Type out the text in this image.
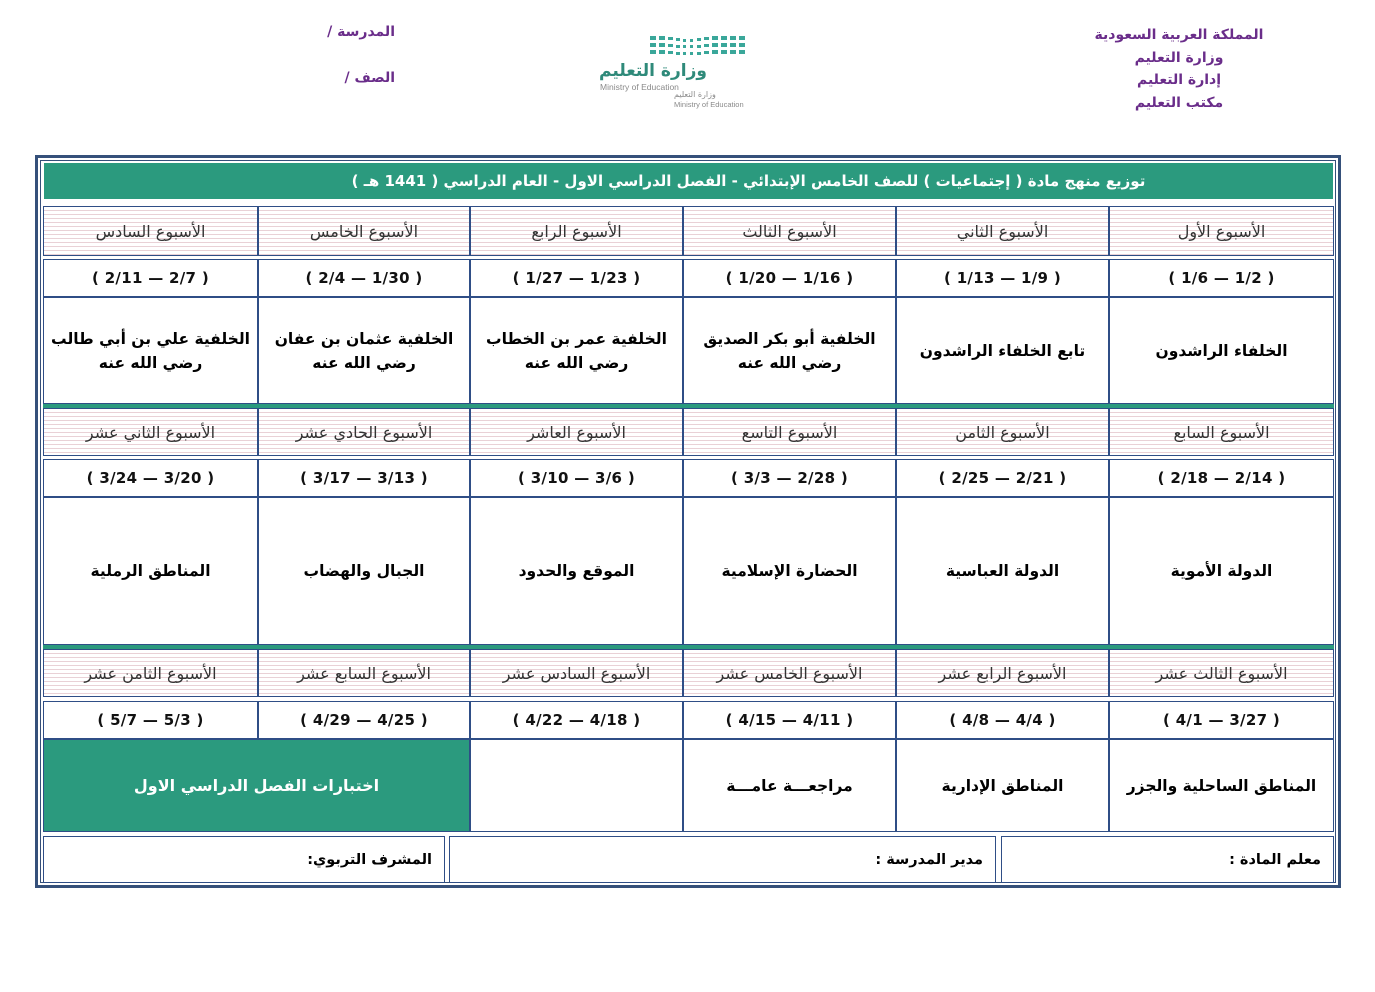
المملكة العربية السعودية
وزارة التعليم
إدارة التعليم
مكتب التعليم
المدرسة /
الصف /	وزارة التعليم
Ministry of Education
وزارة التعليم
Ministry of Education
توزيع منهج مادة ( إجتماعيات ) للصف الخامس الإبتدائي - الفصل الدراسي الاول - العام الدراسي ( 1441 هـ )
الأسبوع الأول
الأسبوع الثاني
الأسبوع الثالث
الأسبوع الرابع
الأسبوع الخامس
الأسبوع السادس
( 1/2 — 1/6 )
( 1/9 — 1/13 )
( 1/16 — 1/20 )
( 1/23 — 1/27 )
( 1/30 — 2/4 )
( 2/7 — 2/11 )
الخلفاء الراشدون
تابع الخلفاء الراشدون
الخلفية أبو بكر الصديق
رضي الله عنه
الخلفية عمر بن الخطاب
رضي الله عنه
الخلفية عثمان بن عفان
رضي الله عنه
الخلفية علي بن أبي طالب
رضي الله عنه
الأسبوع السابع
الأسبوع الثامن
الأسبوع التاسع
الأسبوع العاشر
الأسبوع الحادي عشر
الأسبوع الثاني عشر
( 2/14 — 2/18 )
( 2/21 — 2/25 )
( 2/28 — 3/3 )
( 3/6 — 3/10 )
( 3/13 — 3/17 )
( 3/20 — 3/24 )
الدولة الأموية
الدولة العباسية
الحضارة الإسلامية
الموقع والحدود
الجبال والهضاب
المناطق الرملية
الأسبوع الثالث عشر
الأسبوع الرابع عشر
الأسبوع الخامس عشر
الأسبوع السادس عشر
الأسبوع السابع عشر
الأسبوع الثامن عشر
( 3/27 — 4/1 )
( 4/4 — 4/8 )
( 4/11 — 4/15 )
( 4/18 — 4/22 )
( 4/25 — 4/29 )
( 5/3 — 5/7 )
المناطق الساحلية والجزر
المناطق الإدارية
مراجعـــة عامـــة
اختبارات الفصل الدراسي الاول
معلم المادة :
مدير المدرسة :
المشرف التربوي:
